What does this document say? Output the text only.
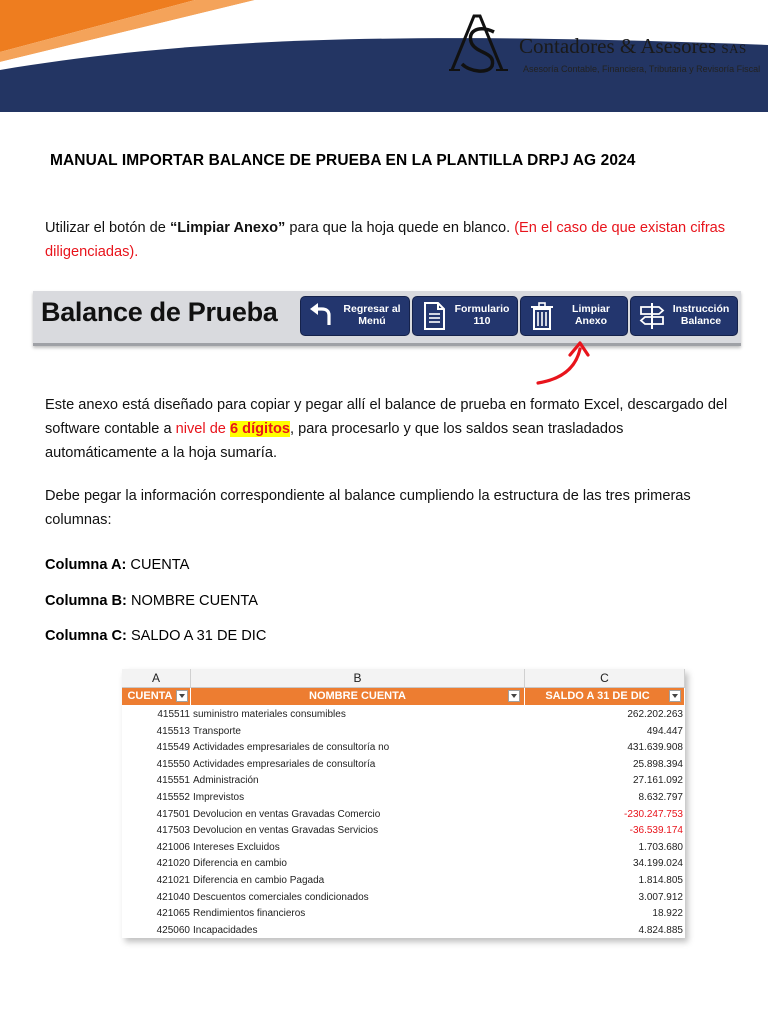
Contadores & Asesores SAS
Asesoría Contable, Financiera, Tributaria y Revisoría Fiscal
MANUAL IMPORTAR BALANCE DE PRUEBA EN LA PLANTILLA DRPJ AG 2024
Utilizar el botón de “Limpiar Anexo” para que la hoja quede en blanco. (En el caso de que existan cifras diligenciadas).
Balance de Prueba	Regresar al Menú
Formulario 110
Limpiar Anexo
Instrucción Balance
Este anexo está diseñado para copiar y pegar allí el balance de prueba en formato Excel, descargado del software contable a nivel de 6 dígitos, para procesarlo y que los saldos sean trasladados automáticamente a la hoja sumaría.
Debe pegar la información correspondiente al balance cumpliendo la estructura de las tres primeras columnas:
Columna A: CUENTA
Columna B: NOMBRE CUENTA
Columna C: SALDO A 31 DE DIC
A	B	C
CUENTA	NOMBRE CUENTA	SALDO A 31 DE DIC
415511 suministro materiales consumibles	262.202.263
415513 Transporte	494.447
415549 Actividades empresariales de consultoría no	431.639.908
415550 Actividades empresariales de consultoría	25.898.394
415551 Administración	27.161.092
415552 Imprevistos	8.632.797
417501 Devolucion en ventas Gravadas Comercio	-230.247.753
417503 Devolucion en ventas Gravadas Servicios	-36.539.174
421006 Intereses Excluidos	1.703.680
421020 Diferencia en cambio	34.199.024
421021 Diferencia en cambio Pagada	1.814.805
421040 Descuentos comerciales condicionados	3.007.912
421065 Rendimientos financieros	18.922
425060 Incapacidades	4.824.885
